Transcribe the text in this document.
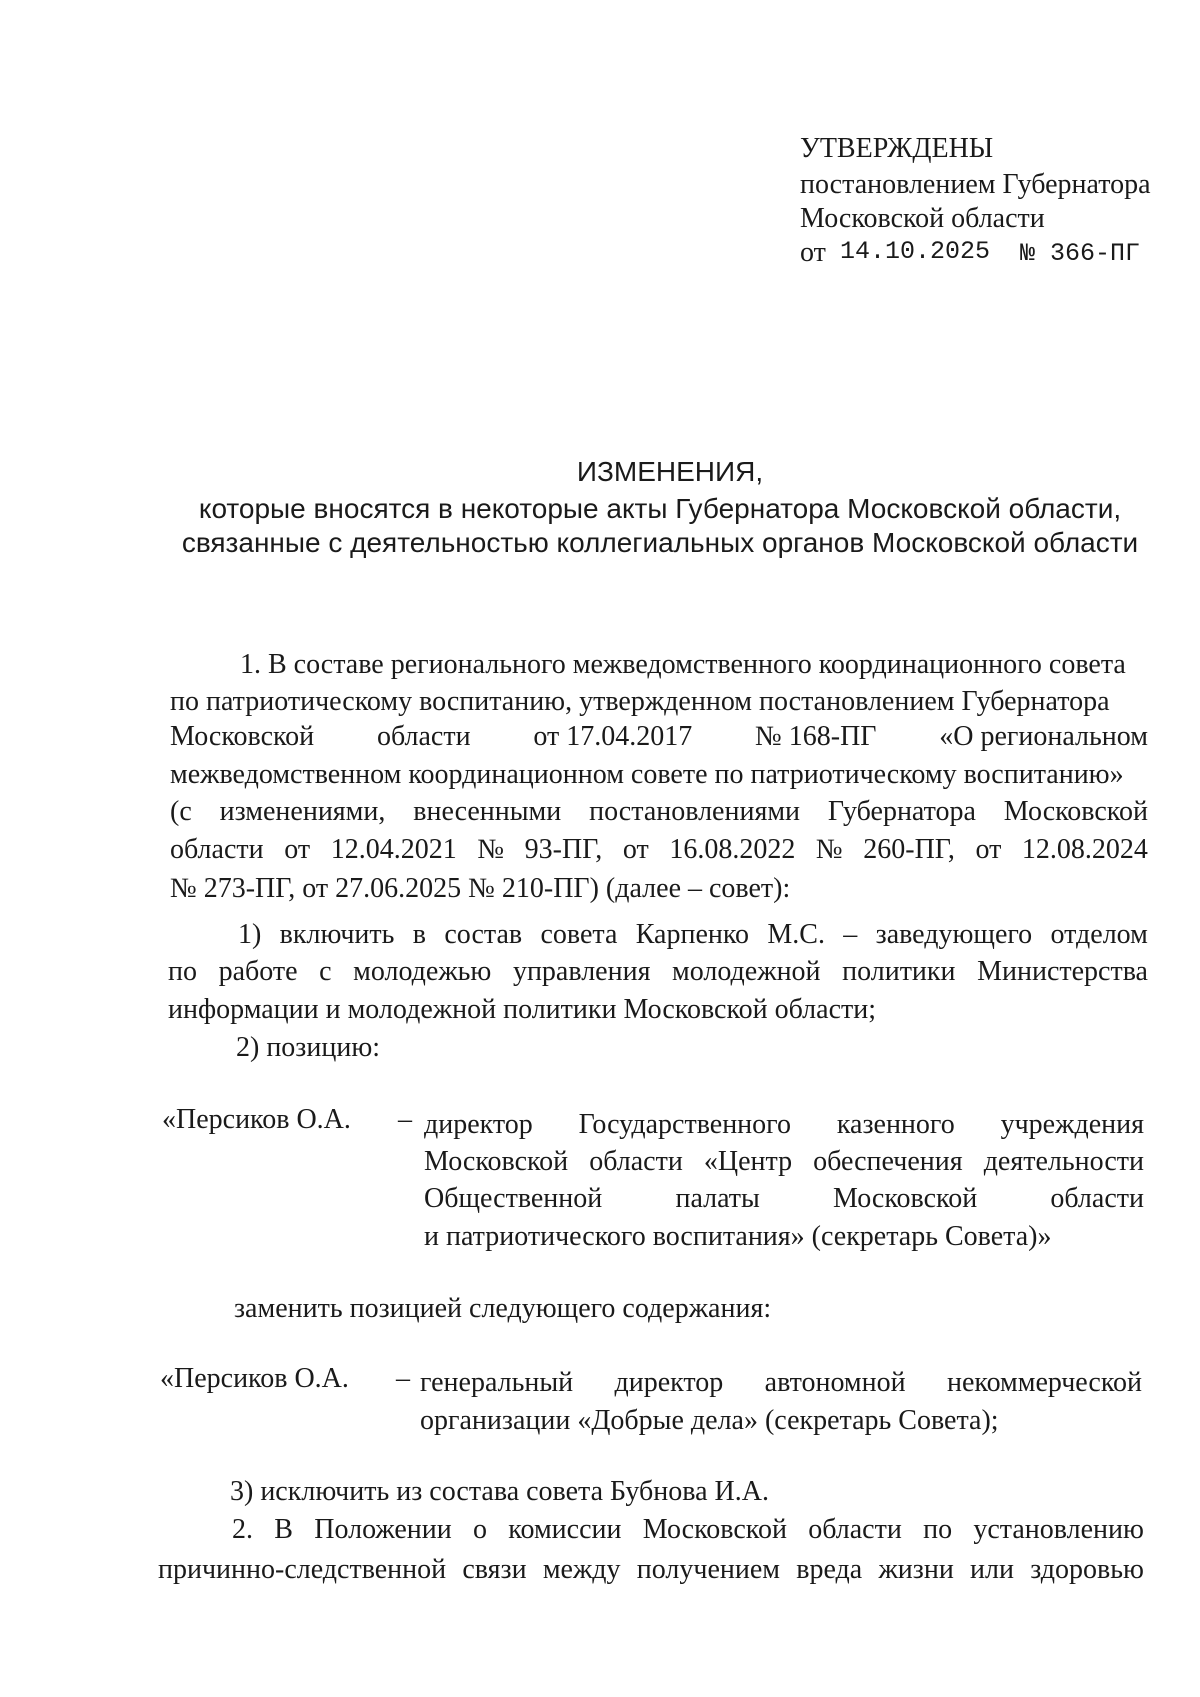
УТВЕРЖДЕНЫ
постановлением Губернатора
Московской области
от 14.10.2025 № 366-ПГ
ИЗМЕНЕНИЯ,
которые вносятся в некоторые акты Губернатора Московской области,
связанные с деятельностью коллегиальных органов Московской области
1. В составе регионального межведомственного координационного совета
по патриотическому воспитанию, утвержденном постановлением Губернатора
Московской области от 17.04.2017 № 168-ПГ «О региональном
межведомственном координационном совете по патриотическому воспитанию»
(с изменениями, внесенными постановлениями Губернатора Московской
области от 12.04.2021 № 93-ПГ, от 16.08.2022 № 260-ПГ, от 12.08.2024
№ 273-ПГ, от 27.06.2025 № 210-ПГ) (далее – совет):
1) включить в состав совета Карпенко М.С. – заведующего отделом
по работе с молодежью управления молодежной политики Министерства
информации и молодежной политики Московской области;
2) позицию:
«Персиков О.А. – директор Государственного казенного учреждения
Московской области «Центр обеспечения деятельности
Общественной	палаты	Московской	области
и патриотического воспитания» (секретарь Совета)»
заменить позицией следующего содержания:
«Персиков О.А. – генеральный директор автономной некоммерческой
организации «Добрые дела» (секретарь Совета);
3) исключить из состава совета Бубнова И.А.
2. В Положении о комиссии Московской области по установлению
причинно-следственной связи между получением вреда жизни или здоровью
